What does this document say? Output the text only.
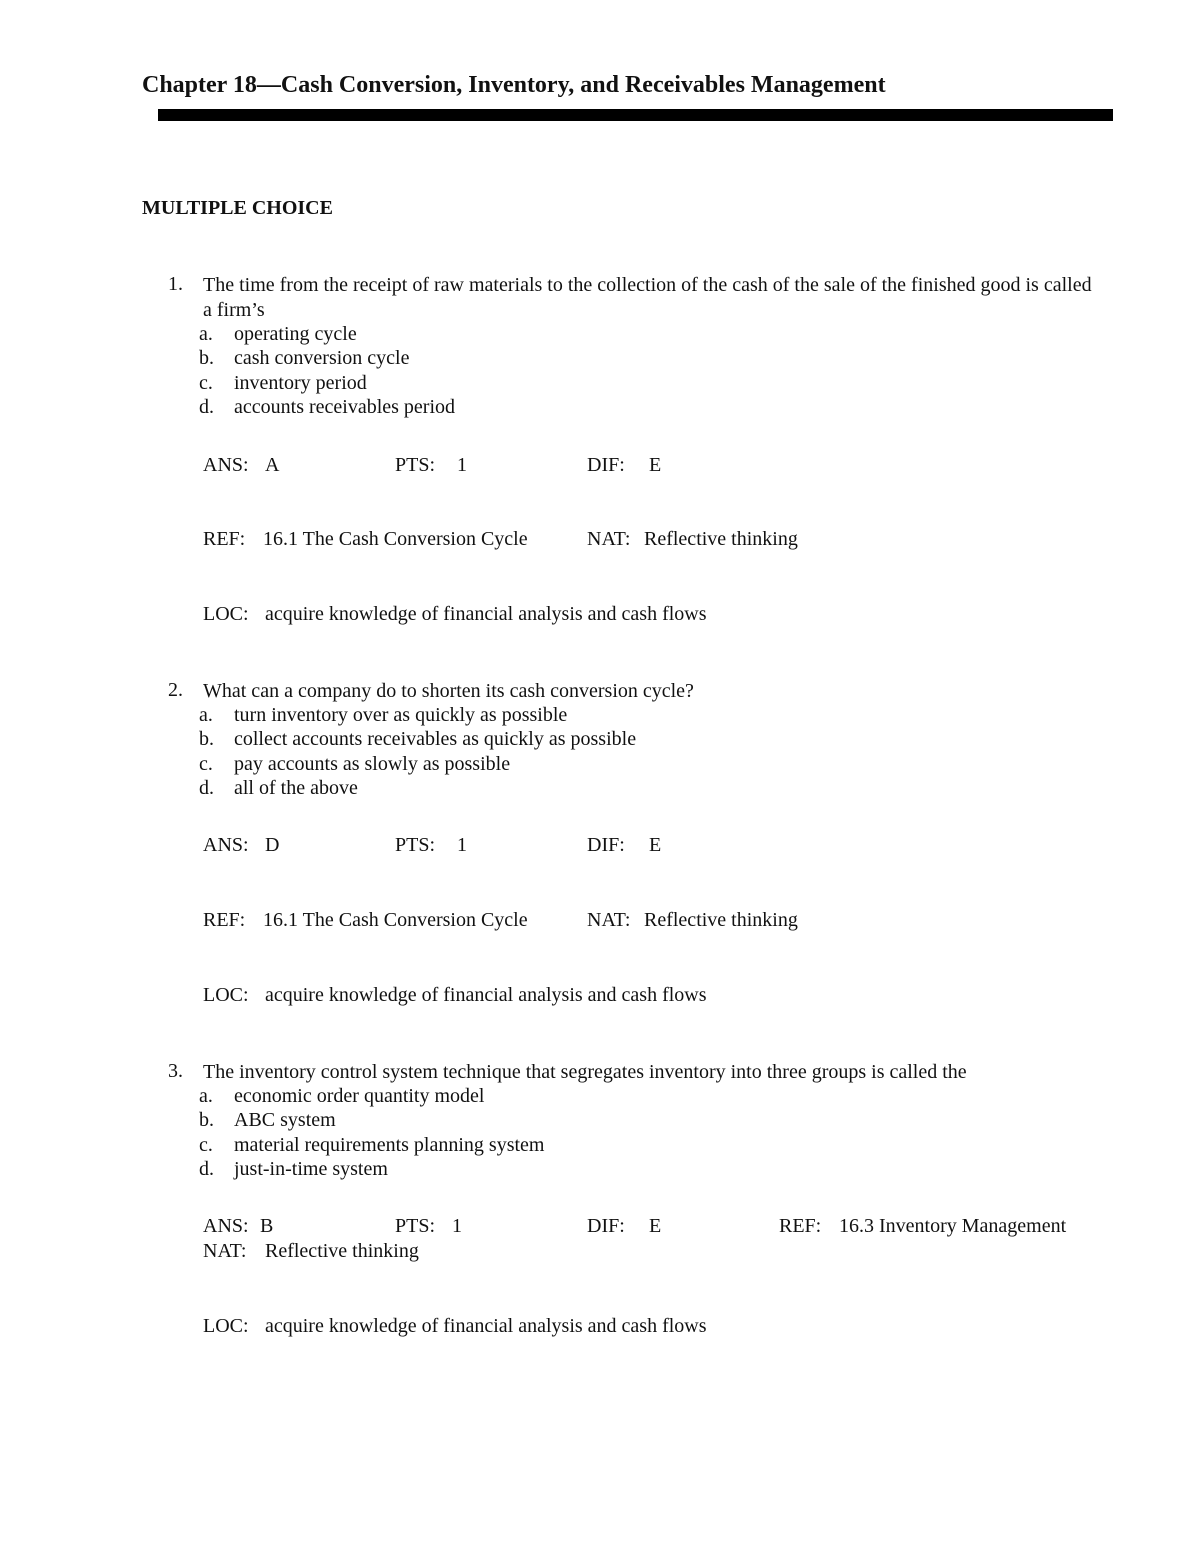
Chapter 18—Cash Conversion, Inventory, and Receivables Management
MULTIPLE CHOICE
1. The time from the receipt of raw materials to the collection of the cash of the sale of the finished good is called a firm’s
a. operating cycle
b. cash conversion cycle
c. inventory period
d. accounts receivables period
ANS: A	PTS: 1	DIF: E
REF: 16.1 The Cash Conversion Cycle	NAT: Reflective thinking
LOC: acquire knowledge of financial analysis and cash flows
2. What can a company do to shorten its cash conversion cycle?
a. turn inventory over as quickly as possible
b. collect accounts receivables as quickly as possible
c. pay accounts as slowly as possible
d. all of the above
ANS: D	PTS: 1	DIF: E
REF: 16.1 The Cash Conversion Cycle	NAT: Reflective thinking
LOC: acquire knowledge of financial analysis and cash flows
3. The inventory control system technique that segregates inventory into three groups is called the
a. economic order quantity model
b. ABC system
c. material requirements planning system
d. just-in-time system
ANS: B	PTS: 1	DIF: E	REF: 16.3 Inventory Management
NAT: Reflective thinking
LOC: acquire knowledge of financial analysis and cash flows
